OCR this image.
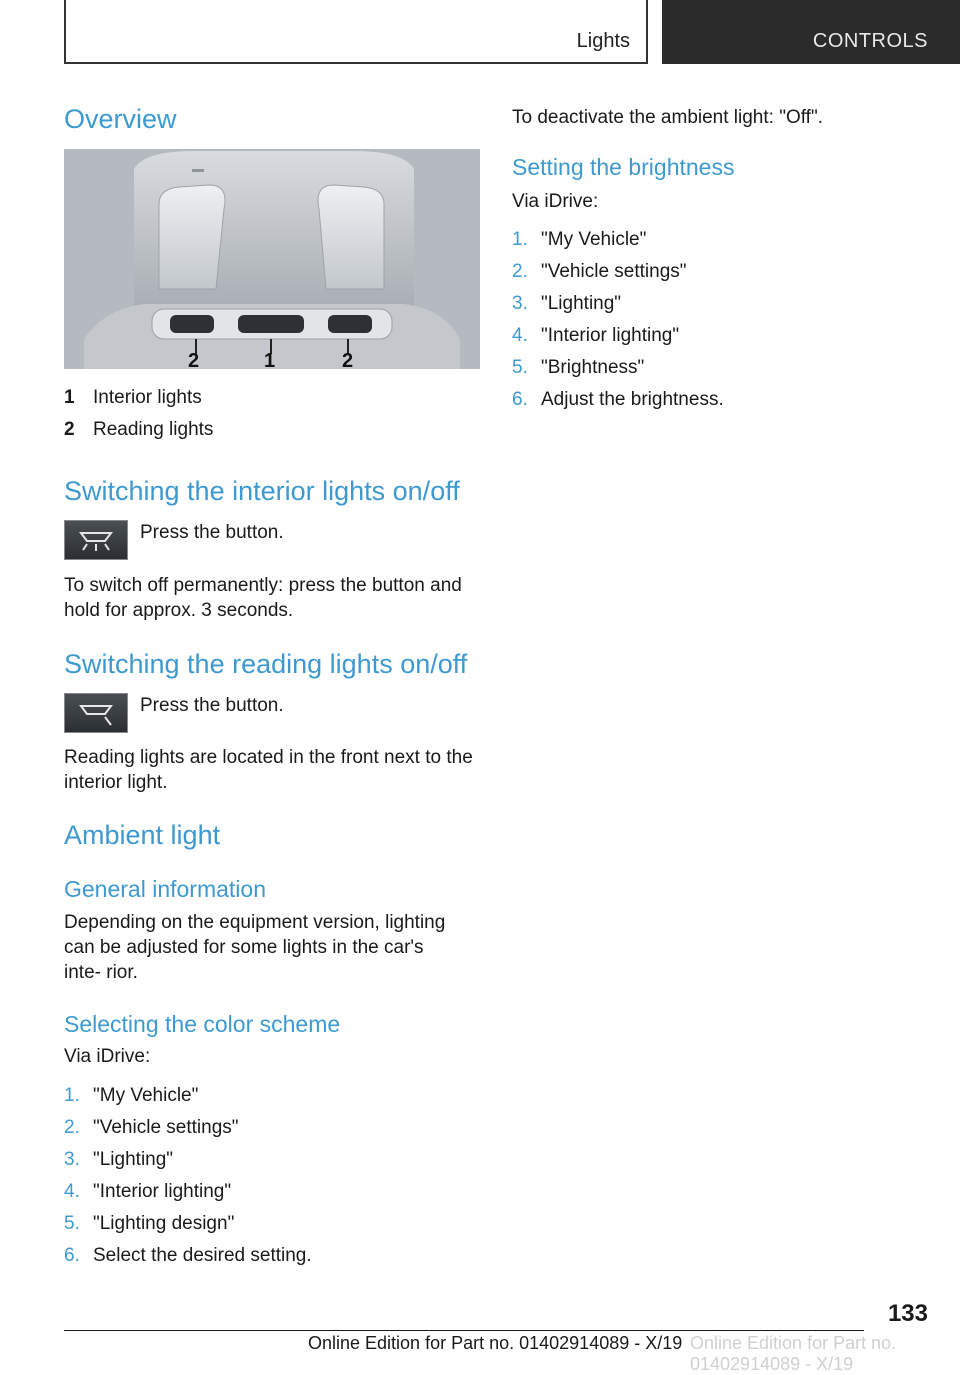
Lights	CONTROLS
Overview
2	1	2
1 Interior lights
2 Reading lights
Switching the interior lights on/off

Press the button.

To switch off permanently: press the button and hold for approx. 3 seconds.

Switching the reading lights on/off

Press the button.

Reading lights are located in the front next to the interior light.

Ambient light
General information

Depending on the equipment version, lighting can be adjusted for some lights in the car's inte‐ rior.

Selecting the color scheme

Via iDrive:

1. "My Vehicle"
2. "Vehicle settings"
3. "Lighting"
4. "Interior lighting"
5. "Lighting design"
6. Select the desired setting.

To deactivate the ambient light: "Off".

Setting the brightness

Via iDrive:

1. "My Vehicle"
2. "Vehicle settings"
3. "Lighting"
4. "Interior lighting"
5. "Brightness"
6. Adjust the brightness.
133
Online Edition for Part no. 01402914089 - X/19 Online Edition for Part no. 01402914089 - X/19
